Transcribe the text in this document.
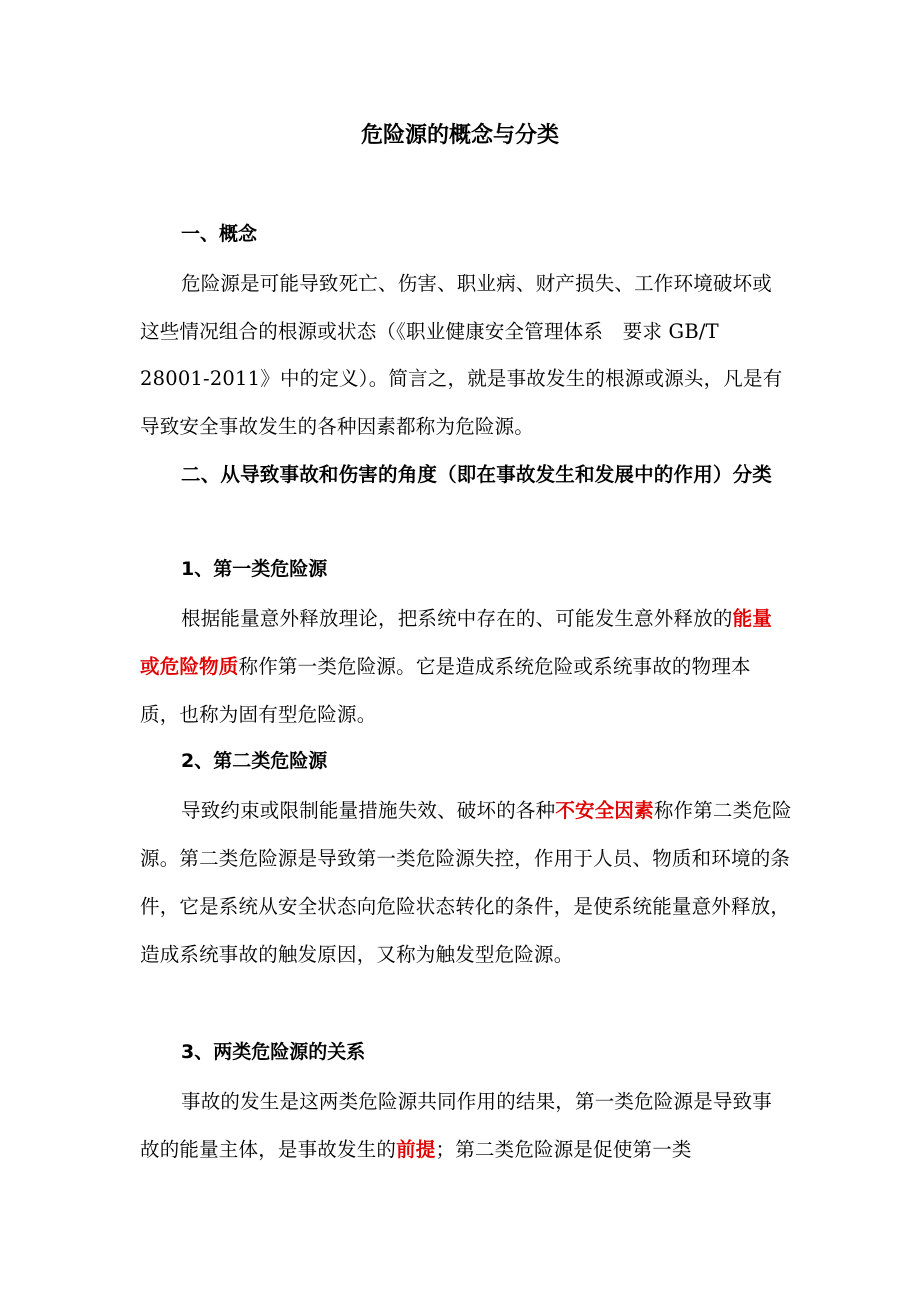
危险源的概念与分类
一、概念
危险源是可能导致死亡、伤害、职业病、财产损失、工作环境破坏或这些情况组合的根源或状态（《职业健康安全管理体系　要求 GB/T 28001-2011》中的定义）。简言之，就是事故发生的根源或源头，凡是有导致安全事故发生的各种因素都称为危险源。
二、从导致事故和伤害的角度（即在事故发生和发展中的作用）分类
1、第一类危险源
根据能量意外释放理论，把系统中存在的、可能发生意外释放的能量或危险物质称作第一类危险源。它是造成系统危险或系统事故的物理本质，也称为固有型危险源。
2、第二类危险源
导致约束或限制能量措施失效、破坏的各种不安全因素称作第二类危险源。第二类危险源是导致第一类危险源失控，作用于人员、物质和环境的条件，它是系统从安全状态向危险状态转化的条件，是使系统能量意外释放，造成系统事故的触发原因，又称为触发型危险源。
3、两类危险源的关系
事故的发生是这两类危险源共同作用的结果，第一类危险源是导致事故的能量主体，是事故发生的前提；第二类危险源是促使第一类
